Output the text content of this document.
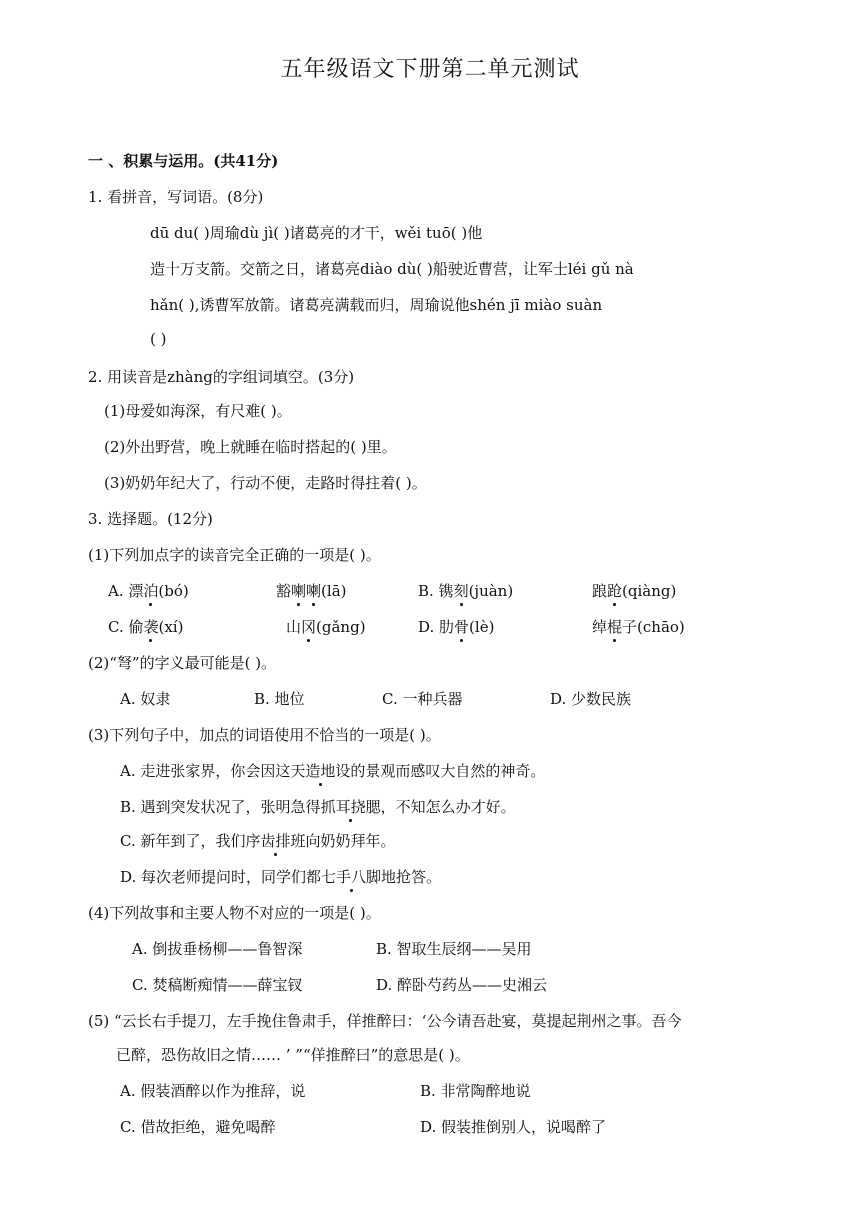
五年级语文下册第二单元测试
一 、积累与运用。(共41分)
1. 看拼音，写词语。(8分)
dū du( )周瑜dù jì( )诸葛亮的才干，wěi tuō( )他
造十万支箭。交箭之日，诸葛亮diào dù( )船驶近曹营，让军士léi gǔ nà
hǎn( ),诱曹军放箭。诸葛亮满载而归，周瑜说他shén jī miào suàn
( )
2. 用读音是zhàng的字组词填空。(3分)
(1)母爱如海深，有尺难( )。
(2)外出野营，晚上就睡在临时搭起的( )里。
(3)奶奶年纪大了，行动不便，走路时得拄着( )。
3. 选择题。(12分)
(1)下列加点字的读音完全正确的一项是( )。
A. 漂泊(bó)	豁喇喇(lā)	B. 镌刻(juàn)	踉跄(qiàng)
C. 偷袭(xí)	山冈(gǎng)	D. 肋骨(lè)	绰棍子(chāo)
(2)“弩”的字义最可能是( )。
A. 奴隶	B. 地位	C. 一种兵器	D. 少数民族
(3)下列句子中，加点的词语使用不恰当的一项是( )。
A. 走进张家界，你会因这天造地设的景观而感叹大自然的神奇。
B. 遇到突发状况了，张明急得抓耳挠腮，不知怎么办才好。
C. 新年到了，我们序齿排班向奶奶拜年。
D. 每次老师提问时，同学们都七手八脚地抢答。
(4)下列故事和主要人物不对应的一项是( )。
A. 倒拔垂杨柳——鲁智深	B. 智取生辰纲——吴用
C. 焚稿断痴情——薛宝钗	D. 醉卧芍药丛——史湘云
(5) “云长右手提刀，左手挽住鲁肃手，佯推醉曰：‘公今请吾赴宴，莫提起荆州之事。吾今
已醉，恐伤故旧之情…… ’ ”“佯推醉曰”的意思是( )。
A. 假装酒醉以作为推辞，说	B. 非常陶醉地说
C. 借故拒绝，避免喝醉	D. 假装推倒别人，说喝醉了
